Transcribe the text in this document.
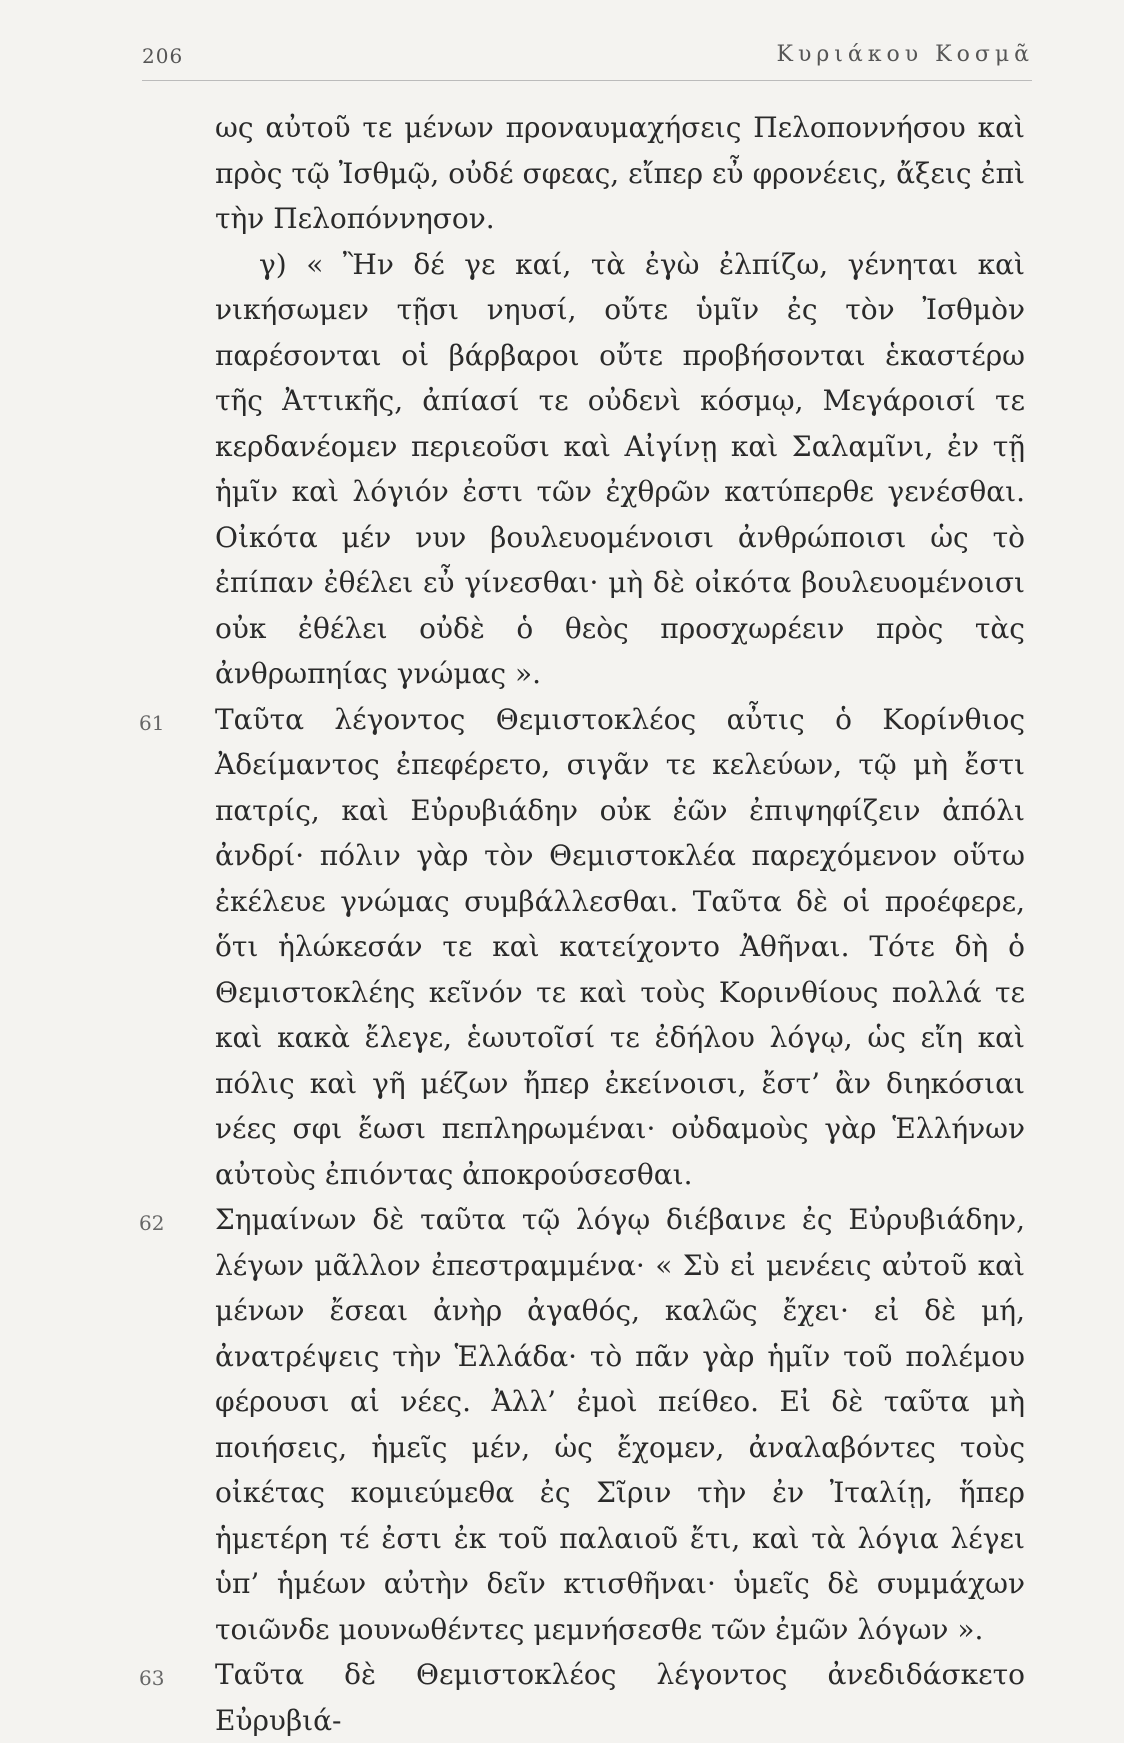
206	Κυριάκου Κοσμᾶ

ως αὐτοῦ τε μένων προναυμαχήσεις Πελοποννήσου καὶ πρὸς τῷ Ἰσθμῷ, οὐδέ σφεας, εἴπερ εὖ φρονέεις, ἄξεις ἐπὶ τὴν Πελοπόννησον.

γ) « Ἢν δέ γε καί, τὰ ἐγὼ ἐλπίζω, γένηται καὶ νικήσωμεν τῇσι νηυσί, οὔτε ὑμῖν ἐς τὸν Ἰσθμὸν παρέσονται οἱ βάρβαροι οὔτε προβήσονται ἑκαστέρω τῆς Ἀττικῆς, ἀπίασί τε οὐδενὶ κόσμῳ, Μεγάροισί τε κερδανέομεν περιεοῦσι καὶ Αἰγίνῃ καὶ Σαλαμῖνι, ἐν τῇ ἡμῖν καὶ λόγιόν ἐστι τῶν ἐχθρῶν κατύπερθε γενέσθαι. Οἰκότα μέν νυν βουλευομένοισι ἀνθρώποισι ὡς τὸ ἐπίπαν ἐθέλει εὖ γίνεσθαι· μὴ δὲ οἰκότα βουλευομένοισι οὐκ ἐθέλει οὐδὲ ὁ θεὸς προσχωρέειν πρὸς τὰς ἀνθρωπηίας γνώμας ».

61 Ταῦτα λέγοντος Θεμιστοκλέος αὖτις ὁ Κορίνθιος Ἀδείμαντος ἐπεφέρετο, σιγᾶν τε κελεύων, τῷ μὴ ἔστι πατρίς, καὶ Εὐρυβιάδην οὐκ ἐῶν ἐπιψηφίζειν ἀπόλι ἀνδρί· πόλιν γὰρ τὸν Θεμιστοκλέα παρεχόμενον οὕτω ἐκέλευε γνώμας συμβάλλεσθαι. Ταῦτα δὲ οἱ προέφερε, ὅτι ἡλώκεσάν τε καὶ κατείχοντο Ἀθῆναι. Τότε δὴ ὁ Θεμιστοκλέης κεῖνόν τε καὶ τοὺς Κορινθίους πολλά τε καὶ κακὰ ἔλεγε, ἑωυτοῖσί τε ἐδήλου λόγῳ, ὡς εἴη καὶ πόλις καὶ γῆ μέζων ἤπερ ἐκείνοισι, ἔστ’ ἂν διηκόσιαι νέες σφι ἔωσι πεπληρωμέναι· οὐδαμοὺς γὰρ Ἑλλήνων αὐτοὺς ἐπιόντας ἀποκρούσεσθαι.

62 Σημαίνων δὲ ταῦτα τῷ λόγῳ διέβαινε ἐς Εὐρυβιάδην, λέγων μᾶλλον ἐπεστραμμένα· « Σὺ εἰ μενέεις αὐτοῦ καὶ μένων ἔσεαι ἀνὴρ ἀγαθός, καλῶς ἔχει· εἰ δὲ μή, ἀνατρέψεις τὴν Ἑλλάδα· τὸ πᾶν γὰρ ἡμῖν τοῦ πολέμου φέρουσι αἱ νέες. Ἀλλ’ ἐμοὶ πείθεο. Εἰ δὲ ταῦτα μὴ ποιήσεις, ἡμεῖς μέν, ὡς ἔχομεν, ἀναλαβόντες τοὺς οἰκέτας κομιεύμεθα ἐς Σῖριν τὴν ἐν Ἰταλίῃ, ἥπερ ἡμετέρη τέ ἐστι ἐκ τοῦ παλαιοῦ ἔτι, καὶ τὰ λόγια λέγει ὑπ’ ἡμέων αὐτὴν δεῖν κτισθῆναι· ὑμεῖς δὲ συμμάχων τοιῶνδε μουνωθέντες μεμνήσεσθε τῶν ἐμῶν λόγων ».

63 Ταῦτα δὲ Θεμιστοκλέος λέγοντος ἀνεδιδάσκετο Εὐρυβιά-
